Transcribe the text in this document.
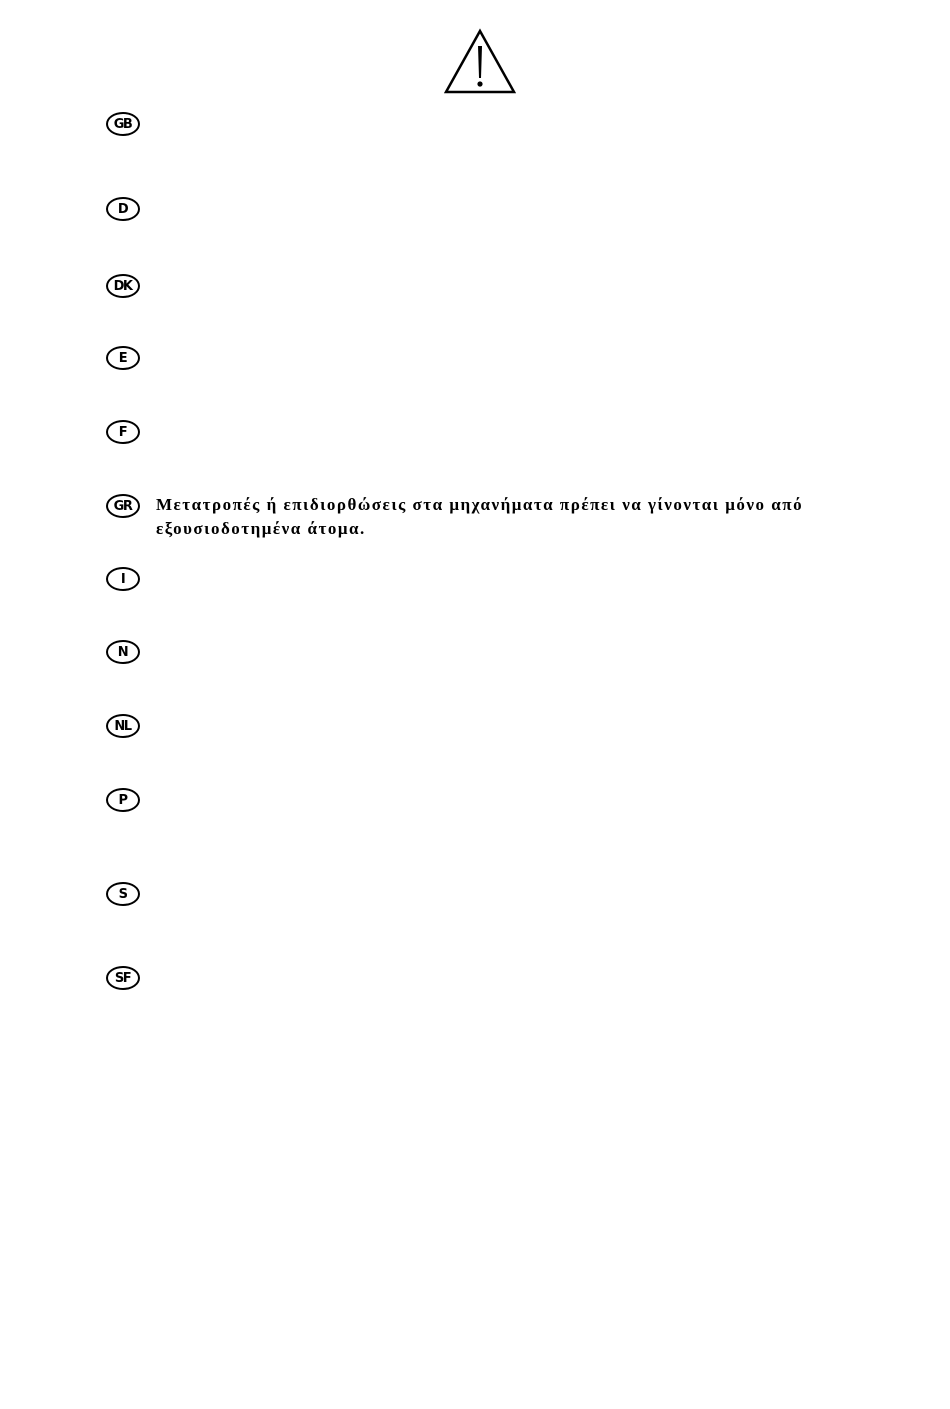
GB
D
DK
E
F
GR	Μετατροπές ή επιδιορθώσεις στα μηχανήματα πρέπει να γίνονται μόνο από εξουσιοδοτημένα άτομα.
I
N
NL
P
S
SF
